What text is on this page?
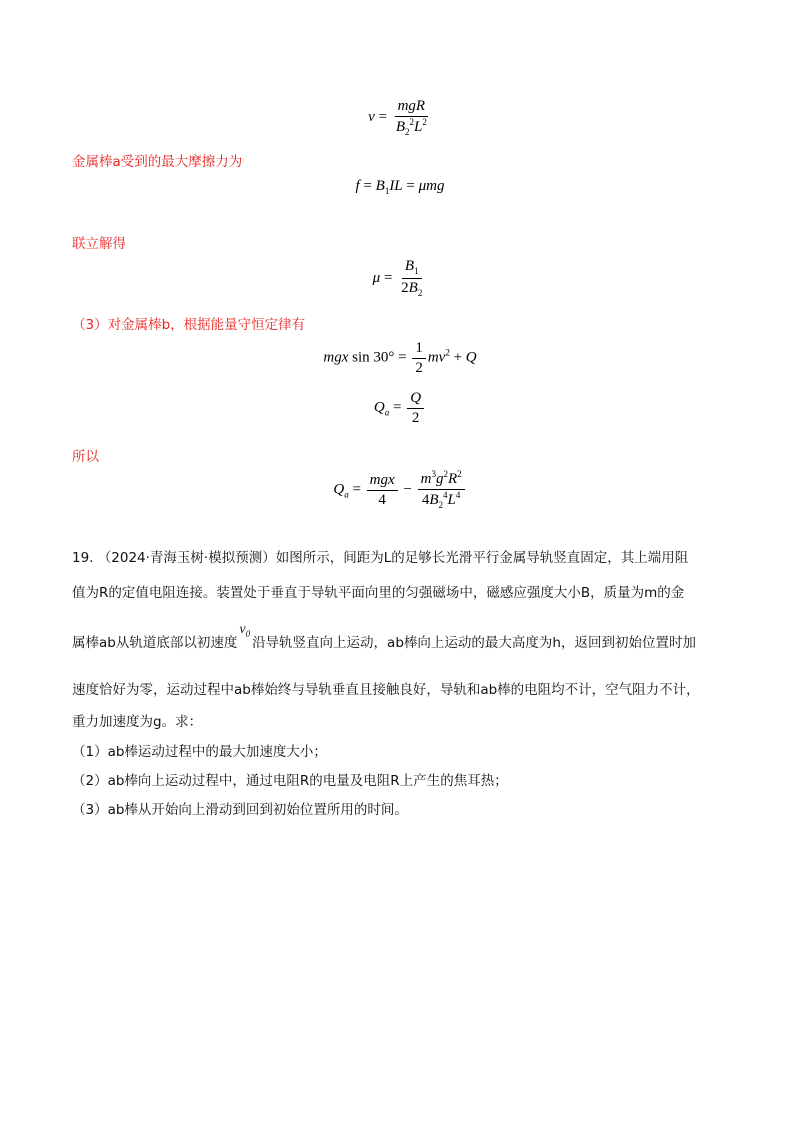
$v = \frac{\text{mgR}}{B_2^2L^2}$
金属棒a受到的最大摩擦力为
$f = B_1IL = \mu mg$
联立解得
$\mu = \frac{B_1}{2B_2}$
（3）对金属棒b，根据能量守恒定律有
mgx $\sin 30^\circ = \frac{1}{2} mv^2 + Q$
$Q_a = \frac{Q}{2}$
所以
$Q_a = \frac{\text{mgx}}{4} - \frac{m^3g^2R^2}{4B_2^4L^4}$
19. （2024·青海玉树·模拟预测）如图所示，间距为L的足够长光滑平行金属导轨竖直固定，其上端用阻
值为R的定值电阻连接。装置处于垂直于导轨平面向里的匀强磁场中，磁感应强度大小B，质量为m的金
属棒ab从轨道底部以初速度$v_0$沿导轨竖直向上运动，ab棒向上运动的最大高度为h，返回到初始位置时加
速度恰好为零，运动过程中ab棒始终与导轨垂直且接触良好，导轨和ab棒的电阻均不计，空气阻力不计，
重力加速度为g。求：
（1）ab棒运动过程中的最大加速度大小；
（2）ab棒向上运动过程中，通过电阻R的电量及电阻R上产生的焦耳热；
（3）ab棒从开始向上滑动到回到初始位置所用的时间。
